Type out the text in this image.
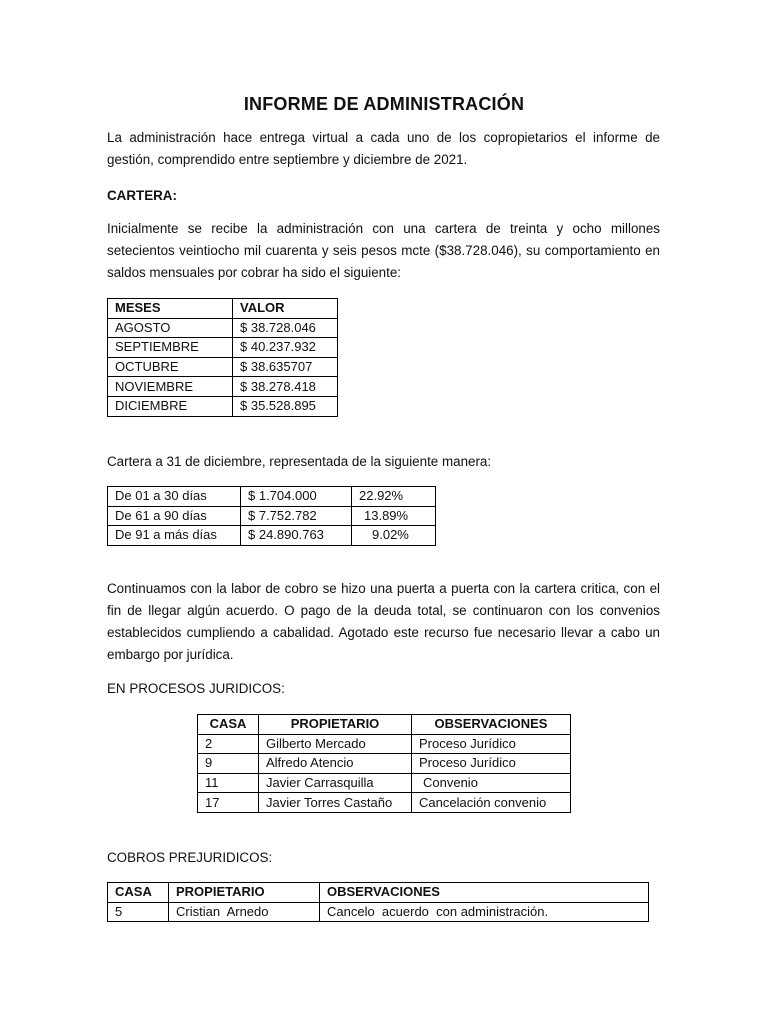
INFORME DE ADMINISTRACIÓN
La administración hace entrega virtual a cada uno de los copropietarios el informe de gestión, comprendido entre septiembre y diciembre de 2021.
CARTERA:
Inicialmente se recibe la administración con una cartera de treinta y ocho millones setecientos veintiocho mil cuarenta y seis pesos mcte ($38.728.046), su comportamiento en saldos mensuales por cobrar ha sido el siguiente:
MESES	VALOR
AGOSTO	$ 38.728.046
SEPTIEMBRE	$ 40.237.932
OCTUBRE	$ 38.635707
NOVIEMBRE	$ 38.278.418
DICIEMBRE	$ 35.528.895
Cartera a 31 de diciembre, representada de la siguiente manera:
De 01 a 30 días	$ 1.704.000	22.92%
De 61 a 90 días	$ 7.752.782	13.89%
De 91 a más días	$ 24.890.763	9.02%
Continuamos con la labor de cobro se hizo una puerta a puerta con la cartera critica, con el fin de llegar algún acuerdo. O pago de la deuda total, se continuaron con los convenios establecidos cumpliendo a cabalidad. Agotado este recurso fue necesario llevar a cabo un embargo por jurídica.
EN PROCESOS JURIDICOS:
CASA	PROPIETARIO	OBSERVACIONES
2	Gilberto Mercado	Proceso Jurídico
9	Alfredo Atencio	Proceso Jurídico
11	Javier Carrasquilla	Convenio
17	Javier Torres Castaño	Cancelación convenio
COBROS PREJURIDICOS:
CASA	PROPIETARIO	OBSERVACIONES
5	Cristian  Arnedo	Cancelo  acuerdo  con administración.
